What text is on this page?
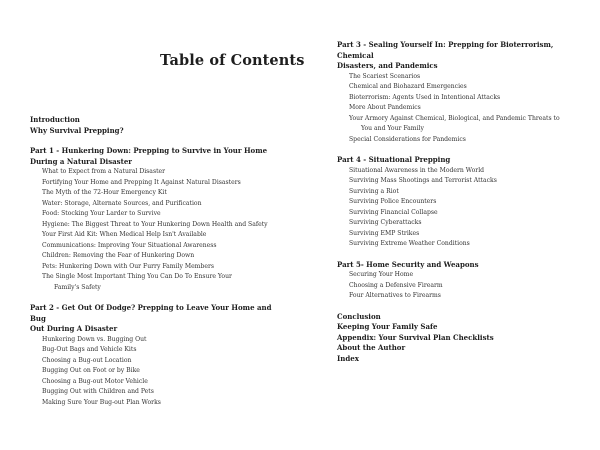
Table of Contents
Introduction
Why Survival Prepping?
Part 1 - Hunkering Down: Prepping to Survive in Your Home
During a Natural Disaster
What to Expect from a Natural Disaster
Fortifying Your Home and Prepping It Against Natural Disasters
The Myth of the 72-Hour Emergency Kit
Water: Storage, Alternate Sources, and Purification
Food: Stocking Your Larder to Survive
Hygiene: The Biggest Threat to Your Hunkering Down Health and Safety
Your First Aid Kit: When Medical Help Isn't Available
Communications: Improving Your Situational Awareness
Children: Removing the Fear of Hunkering Down
Pets: Hunkering Down with Our Furry Family Members
The Single Most Important Thing You Can Do To Ensure Your
Family's Safety
Part 2 - Get Out Of Dodge? Prepping to Leave Your Home and Bug
Out During A Disaster
Hunkering Down vs. Bugging Out
Bug-Out Bags and Vehicle Kits
Choosing a Bug-out Location
Bugging Out on Foot or by Bike
Choosing a Bug-out Motor Vehicle
Bugging Out with Children and Pets
Making Sure Your Bug-out Plan Works
Part 3 - Sealing Yourself In: Prepping for Bioterrorism, Chemical
Disasters, and Pandemics
The Scariest Scenarios
Chemical and Biohazard Emergencies
Bioterrorism: Agents Used in Intentional Attacks
More About Pandemics
Your Armory Against Chemical, Biological, and Pandemic Threats to
You and Your Family
Special Considerations for Pandemics
Part 4 - Situational Prepping
Situational Awareness in the Modern World
Surviving Mass Shootings and Terrorist Attacks
Surviving a Riot
Surviving Police Encounters
Surviving Financial Collapse
Surviving Cyberattacks
Surviving EMP Strikes
Surviving Extreme Weather Conditions
Part 5- Home Security and Weapons
Securing Your Home
Choosing a Defensive Firearm
Four Alternatives to Firearms
Conclusion
Keeping Your Family Safe
Appendix: Your Survival Plan Checklists
About the Author
Index
